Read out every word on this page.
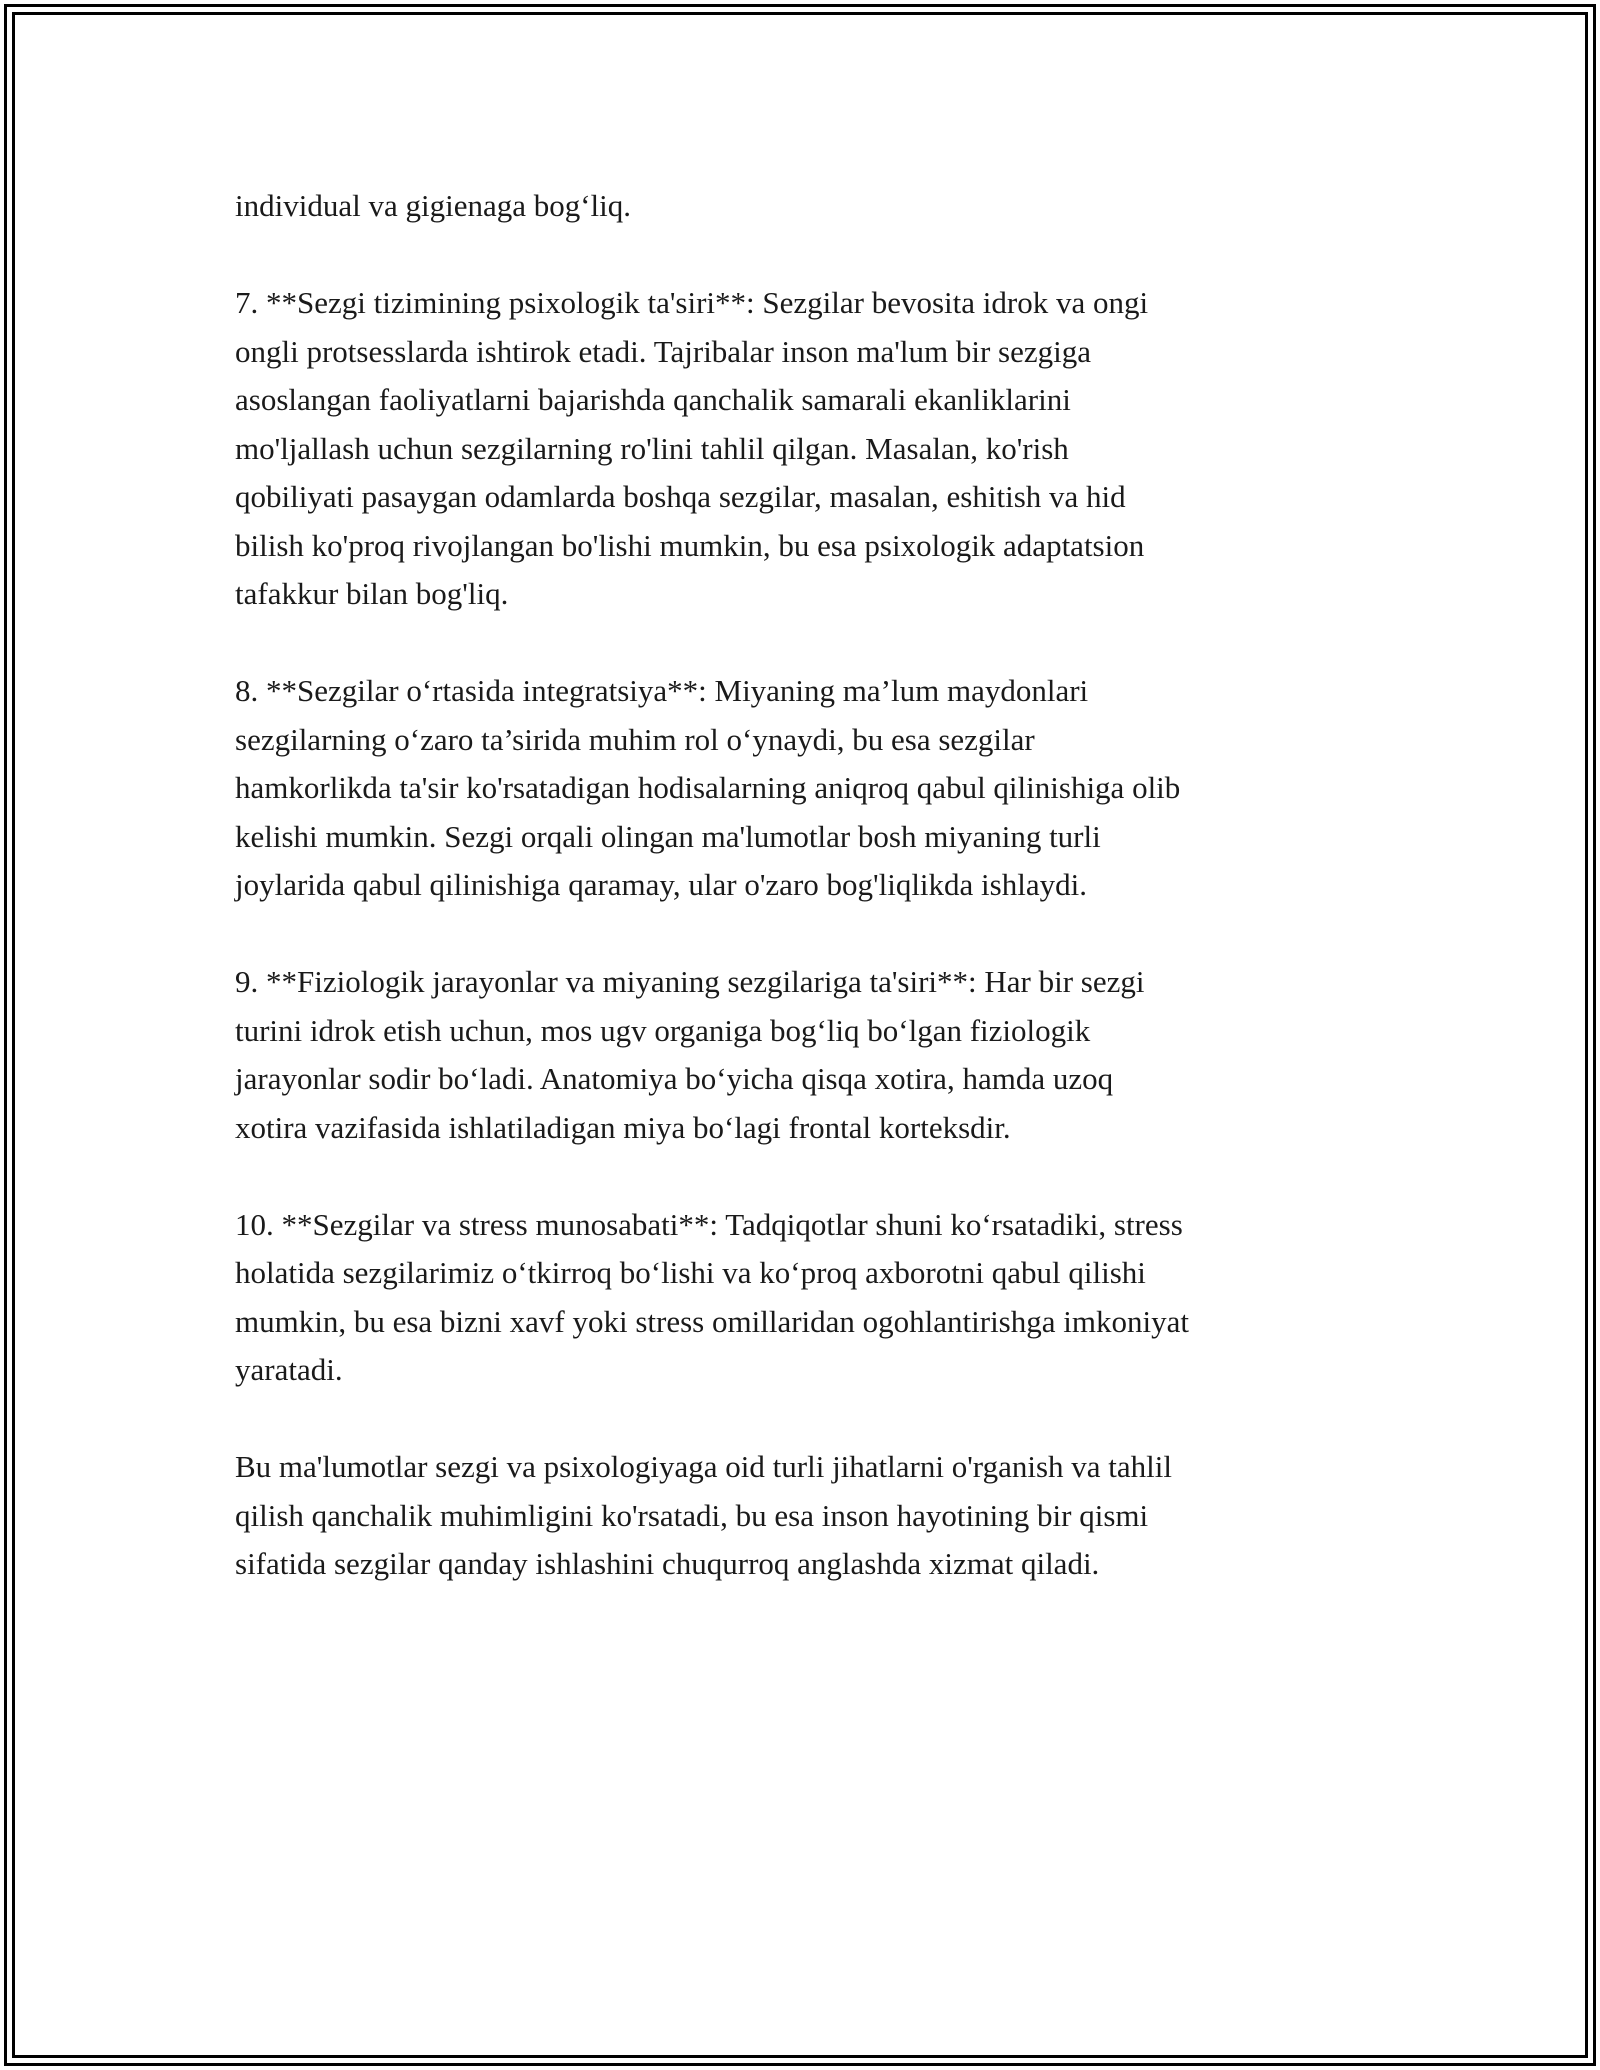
individual va gigienaga bog‘liq.

7. **Sezgi tizimining psixologik ta'siri**: Sezgilar bevosita idrok va ongi
ongli protsesslarda ishtirok etadi. Tajribalar inson ma'lum bir sezgiga
asoslangan faoliyatlarni bajarishda qanchalik samarali ekanliklarini
mo'ljallash uchun sezgilarning ro'lini tahlil qilgan. Masalan, ko'rish
qobiliyati pasaygan odamlarda boshqa sezgilar, masalan, eshitish va hid
bilish ko'proq rivojlangan bo'lishi mumkin, bu esa psixologik adaptatsion
tafakkur bilan bog'liq.

8. **Sezgilar o‘rtasida integratsiya**: Miyaning ma’lum maydonlari
sezgilarning o‘zaro ta’sirida muhim rol o‘ynaydi, bu esa sezgilar
hamkorlikda ta'sir ko'rsatadigan hodisalarning aniqroq qabul qilinishiga olib
kelishi mumkin. Sezgi orqali olingan ma'lumotlar bosh miyaning turli
joylarida qabul qilinishiga qaramay, ular o'zaro bog'liqlikda ishlaydi.

9. **Fiziologik jarayonlar va miyaning sezgilariga ta'siri**: Har bir sezgi
turini idrok etish uchun, mos ugv organiga bog‘liq bo‘lgan fiziologik
jarayonlar sodir bo‘ladi. Anatomiya bo‘yicha qisqa xotira, hamda uzoq
xotira vazifasida ishlatiladigan miya bo‘lagi frontal korteksdir.

10. **Sezgilar va stress munosabati**: Tadqiqotlar shuni ko‘rsatadiki, stress
holatida sezgilarimiz o‘tkirroq bo‘lishi va ko‘proq axborotni qabul qilishi
mumkin, bu esa bizni xavf yoki stress omillaridan ogohlantirishga imkoniyat
yaratadi.

Bu ma'lumotlar sezgi va psixologiyaga oid turli jihatlarni o'rganish va tahlil
qilish qanchalik muhimligini ko'rsatadi, bu esa inson hayotining bir qismi
sifatida sezgilar qanday ishlashini chuqurroq anglashda xizmat qiladi.
